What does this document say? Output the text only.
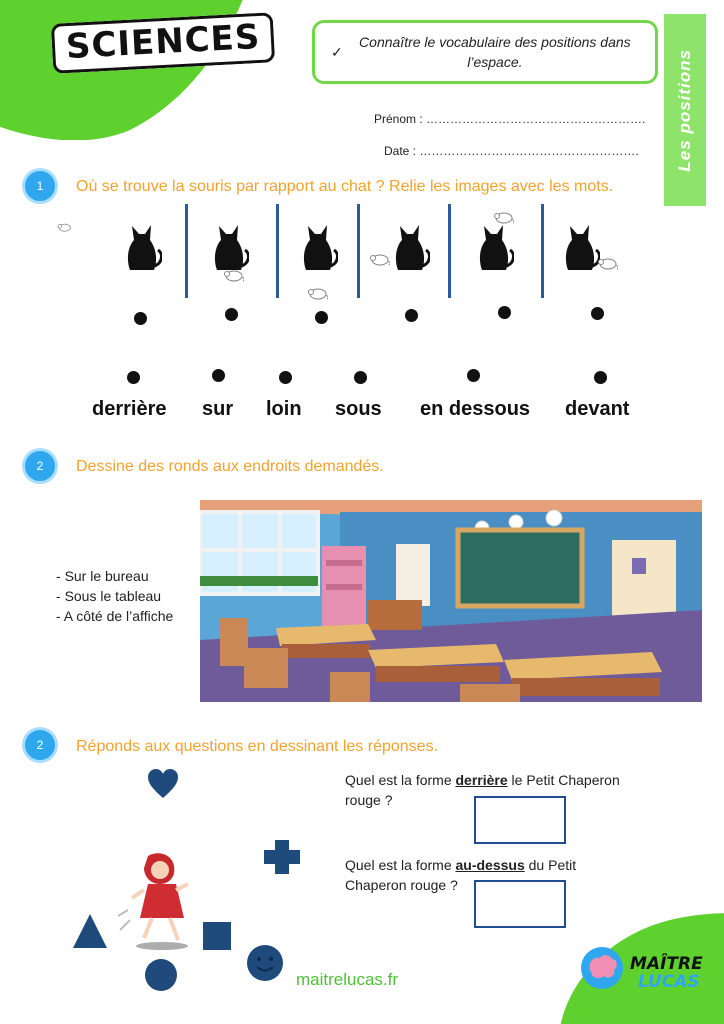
SCIENCES	✓
Connaître le vocabulaire des positions dans l’espace.	Les positions
Prénom : ……………………………………………….
Date : ……………………………………………….
1	Où se trouve la souris par rapport au chat ? Relie les images avec les mots.
derrière sur loin sous en dessous devant
2	Dessine des ronds aux endroits demandés.
- Sur le bureau
- Sous le tableau
- A côté de l’affiche
2	Réponds aux questions en dessinant les réponses.
Quel est la forme derrière le Petit Chaperon rouge ?
Quel est la forme au-dessus du Petit Chaperon rouge ?
maitrelucas.fr
MAÎTRE
LUCAS
